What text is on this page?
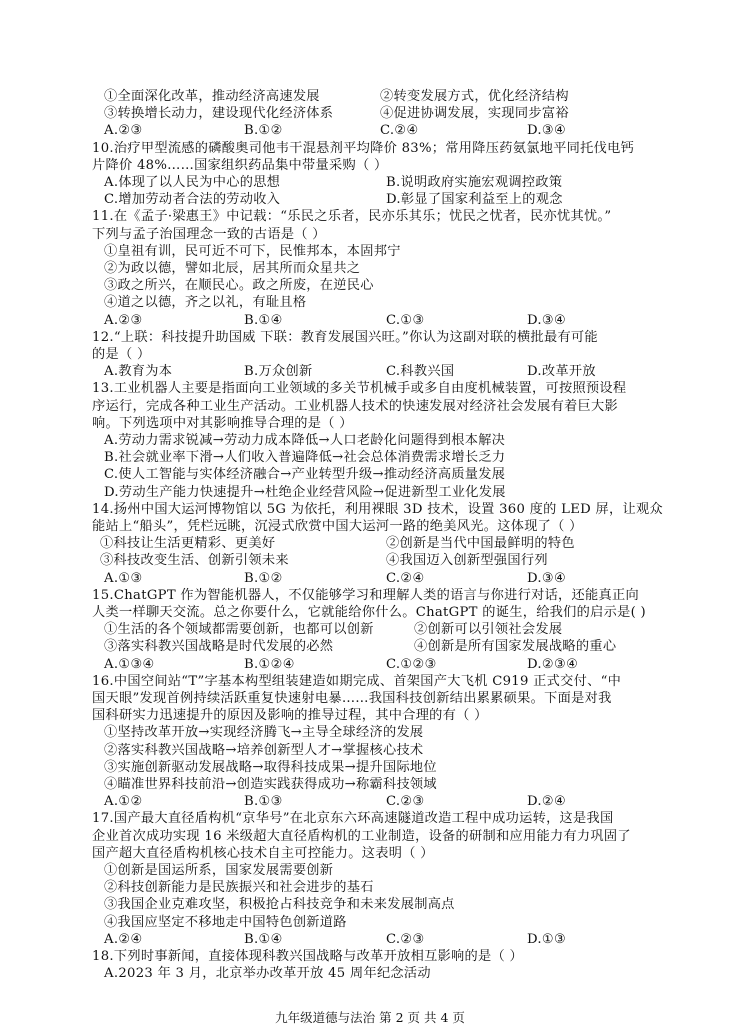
①全面深化改革，推动经济高速发展	②转变发展方式，优化经济结构
③转换增长动力，建设现代化经济体系	④促进协调发展，实现同步富裕
A.②③	B.①②	C.②④	D.③④
10.治疗甲型流感的磷酸奥司他韦干混悬剂平均降价 83%；常用降压药氨氯地平同托伐电钙
片降价 48%……国家组织药品集中带量采购（ ）
A.体现了以人民为中心的思想	B.说明政府实施宏观调控政策
C.增加劳动者合法的劳动收入	D.彰显了国家利益至上的观念
11.在《孟子·梁惠王》中记载：“乐民之乐者，民亦乐其乐；忧民之忧者，民亦忧其忧。”
下列与孟子治国理念一致的古语是（ ）
①皇祖有训，民可近不可下，民惟邦本，本固邦宁
②为政以德，譬如北辰，居其所而众星共之
③政之所兴，在顺民心。政之所废，在逆民心
④道之以德，齐之以礼，有耻且格
A.②③	B.①④	C.①③	D.③④
12.“上联：科技提升助国威 下联：教育发展国兴旺。”你认为这副对联的横批最有可能
的是（ ）
A.教育为本	B.万众创新	C.科教兴国	D.改革开放
13.工业机器人主要是指面向工业领域的多关节机械手或多自由度机械装置，可按照预设程
序运行，完成各种工业生产活动。工业机器人技术的快速发展对经济社会发展有着巨大影
响。下列选项中对其影响推导合理的是（ ）
A.劳动力需求锐减→劳动力成本降低→人口老龄化问题得到根本解决
B.社会就业率下滑→人们收入普遍降低→社会总体消费需求增长乏力
C.使人工智能与实体经济融合→产业转型升级→推动经济高质量发展
D.劳动生产能力快速提升→杜绝企业经营风险→促进新型工业化发展
14.扬州中国大运河博物馆以 5G 为依托，利用裸眼 3D 技术，设置 360 度的 LED 屏，让观众
能站上“船头”，凭栏远眺，沉浸式欣赏中国大运河一路的绝美风光。这体现了（ ）
①科技让生活更精彩、更美好	②创新是当代中国最鲜明的特色
③科技改变生活、创新引领未来	④我国迈入创新型强国行列
A.①③	B.①②	C.②④	D.③④
15.ChatGPT 作为智能机器人，不仅能够学习和理解人类的语言与你进行对话，还能真正向
人类一样聊天交流。总之你要什么，它就能给你什么。ChatGPT 的诞生，给我们的启示是( )
①生活的各个领域都需要创新，也都可以创新	②创新可以引领社会发展
③落实科教兴国战略是时代发展的必然	④创新是所有国家发展战略的重心
A.①③④	B.①②④	C.①②③	D.②③④
16.中国空间站“T”字基本构型组装建造如期完成、首架国产大飞机 C919 正式交付、“中
国天眼”发现首例持续活跃重复快速射电暴……我国科技创新结出累累硕果。下面是对我
国科研实力迅速提升的原因及影响的推导过程，其中合理的有（ ）
①坚持改革开放→实现经济腾飞→主导全球经济的发展
②落实科教兴国战略→培养创新型人才→掌握核心技术
③实施创新驱动发展战略→取得科技成果→提升国际地位
④瞄准世界科技前沿→创造实践获得成功→称霸科技领域
A.①②	B.①③	C.②③	D.②④
17.国产最大直径盾构机“京华号”在北京东六环高速隧道改造工程中成功运转，这是我国
企业首次成功实现 16 米级超大直径盾构机的工业制造，设备的研制和应用能力有力巩固了
国产超大直径盾构机核心技术自主可控能力。这表明（ ）
①创新是国运所系，国家发展需要创新
②科技创新能力是民族振兴和社会进步的基石
③我国企业克难攻坚，积极抢占科技竞争和未来发展制高点
④我国应坚定不移地走中国特色创新道路
A.②④	B.①④	C.②③	D.①③
18.下列时事新闻，直接体现科教兴国战略与改革开放相互影响的是（ ）
A.2023 年 3 月，北京举办改革开放 45 周年纪念活动
九年级道德与法治 第 2 页 共 4 页
